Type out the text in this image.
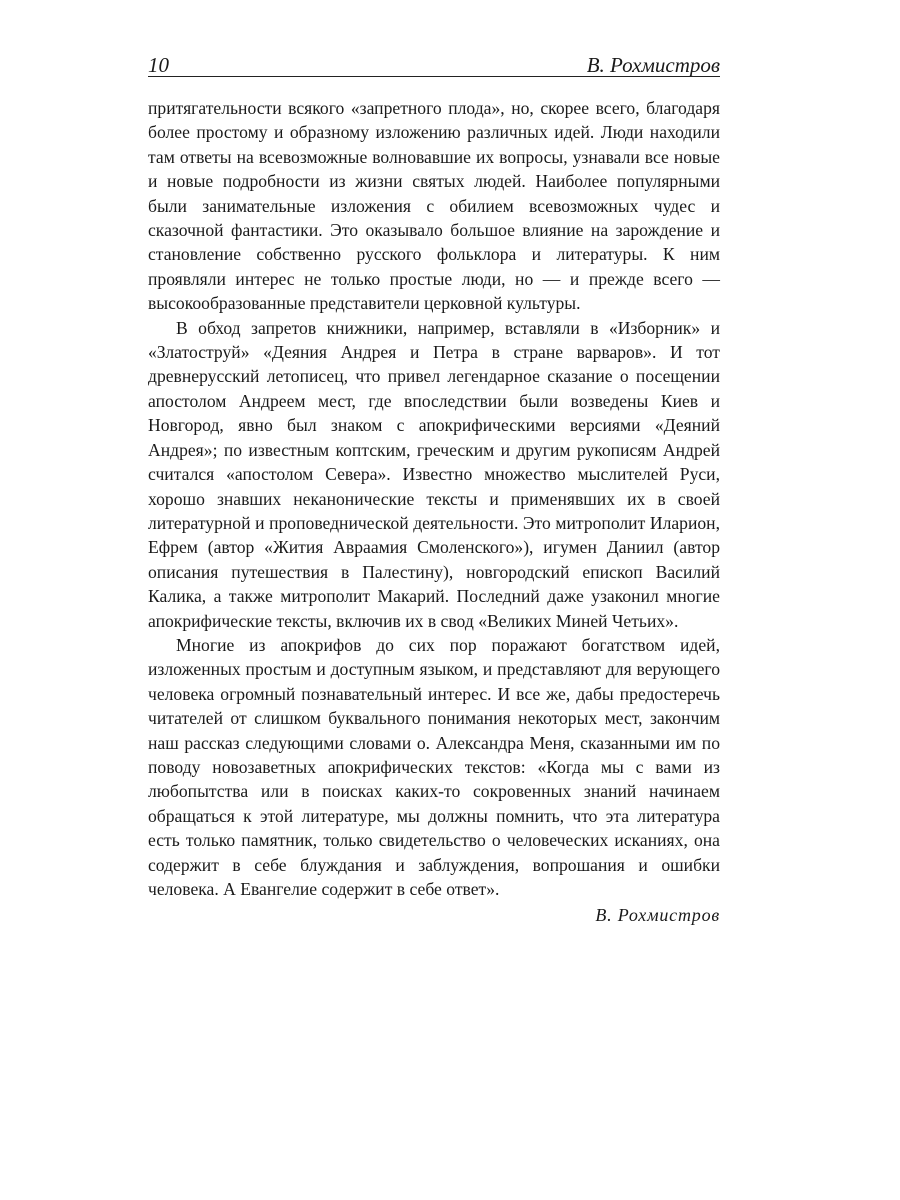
10	В. Рохмистров

притягательности всякого «запретного плода», но, скорее всего, благодаря более простому и образному изложению различных идей. Люди находили там ответы на всевозможные волновавшие их вопросы, узнавали все новые и новые подробности из жизни святых людей. Наиболее популярными были занимательные изложения с обилием всевозможных чудес и сказочной фантастики. Это оказывало большое влияние на зарождение и становление собственно русского фольклора и литературы. К ним проявляли интерес не только простые люди, но — и прежде всего — высокообразованные представители церковной культуры.

В обход запретов книжники, например, вставляли в «Изборник» и «Златоструй» «Деяния Андрея и Петра в стране варваров». И тот древнерусский летописец, что привел легендарное сказание о посещении апостолом Андреем мест, где впоследствии были возведены Киев и Новгород, явно был знаком с апокрифическими версиями «Деяний Андрея»; по известным коптским, греческим и другим рукописям Андрей считался «апостолом Севера». Известно множество мыслителей Руси, хорошо знавших неканонические тексты и применявших их в своей литературной и проповеднической деятельности. Это митрополит Иларион, Ефрем (автор «Жития Авраамия Смоленского»), игумен Даниил (автор описания путешествия в Палестину), новгородский епископ Василий Калика, а также митрополит Макарий. Последний даже узаконил многие апокрифические тексты, включив их в свод «Великих Миней Четьих».

Многие из апокрифов до сих пор поражают богатством идей, изложенных простым и доступным языком, и представляют для верующего человека огромный познавательный интерес. И все же, дабы предостеречь читателей от слишком буквального понимания некоторых мест, закончим наш рассказ следующими словами о. Александра Меня, сказанными им по поводу новозаветных апокрифических текстов: «Когда мы с вами из любопытства или в поисках каких-то сокровенных знаний начинаем обращаться к этой литературе, мы должны помнить, что эта литература есть только памятник, только свидетельство о человеческих исканиях, она содержит в себе блуждания и заблуждения, вопрошания и ошибки человека. А Евангелие содержит в себе ответ».

В. Рохмистров
